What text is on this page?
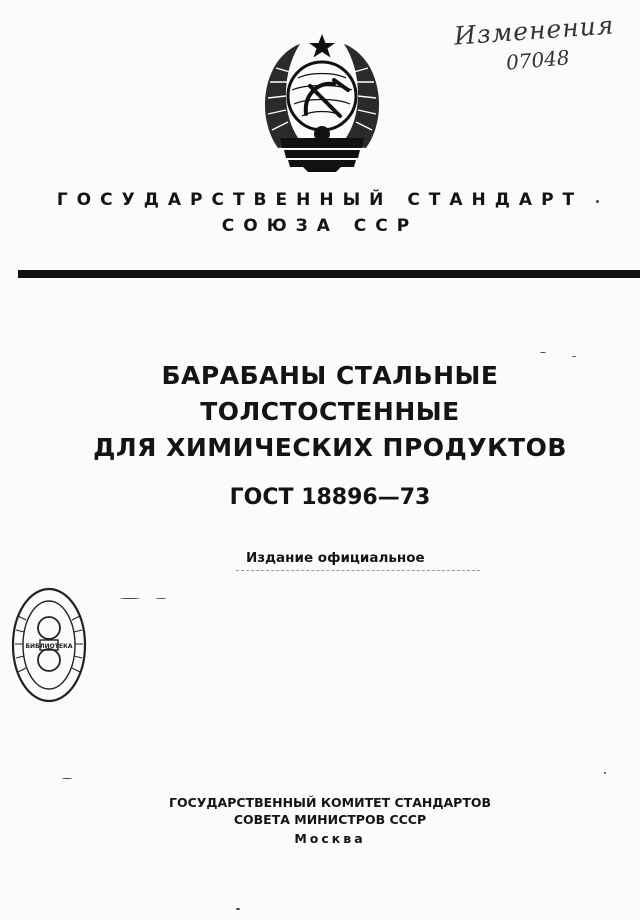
Изменения
07048
ГОСУДАРСТВЕННЫЙ СТАНДАРТ
СОЮЗА ССР
БАРАБАНЫ СТАЛЬНЫЕ
ТОЛСТОСТЕННЫЕ
ДЛЯ ХИМИЧЕСКИХ ПРОДУКТОВ
ГОСТ 18896—73
Издание официальное
БИБЛИОТЕКА
ГОСУДАРСТВЕННЫЙ КОМИТЕТ СТАНДАРТОВ
СОВЕТА МИНИСТРОВ СССР
Москва
